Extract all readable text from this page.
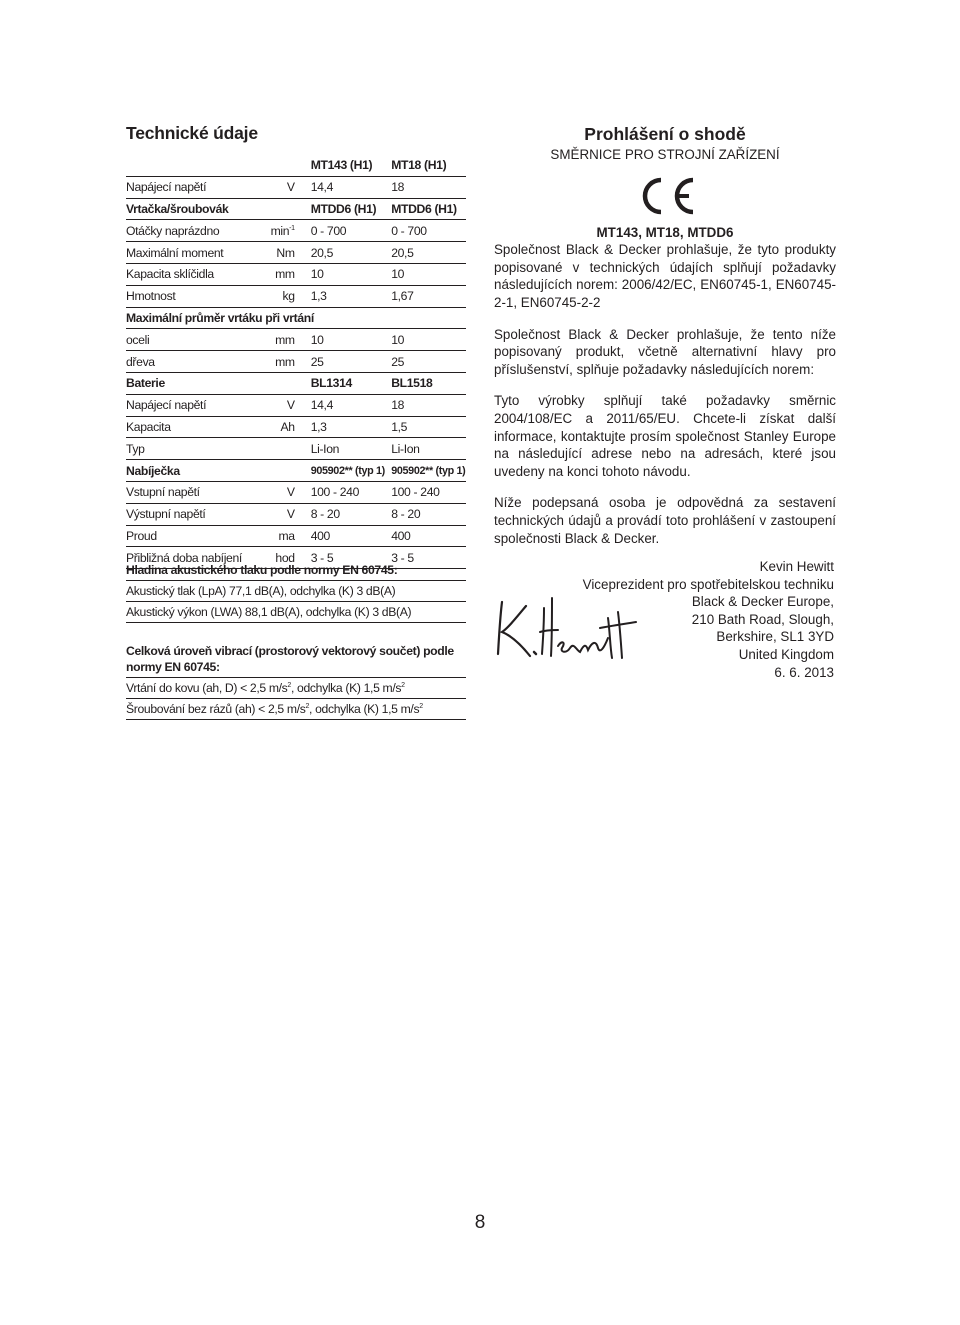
Technické údaje
		MT143 (H1)	MT18 (H1)
Napájecí napětí	V	14,4	18
Vrtačka/šroubovák		MTDD6 (H1)	MTDD6 (H1)
Otáčky naprázdno	$\min^{-1}$	0 - 700	0 - 700
Maximální moment	Nm	20,5	20,5
Kapacita sklíčidla	mm	10	10
Hmotnost	kg	1,3	1,67
Maximální průměr vrtáku při vrtání			
oceli	mm	10	10
dřeva	mm	25	25
Baterie		BL1314	BL1518
Napájecí napětí	V	14,4	18
Kapacita	Ah	1,3	1,5
Typ		Li-Ion	Li-Ion
Nabíječka		905902** (typ 1)	905902** (typ 1)
Vstupní napětí	V	100 - 240	100 - 240
Výstupní napětí	V	8 - 20	8 - 20
Proud	ma	400	400
Přibližná doba nabíjení	hod	3 - 5	3 - 5
Hladina akustického tlaku podle normy EN 60745:
Akustický tlak (LpA) 77,1 dB(A), odchylka (K) 3 dB(A)
Akustický výkon (LWA) 88,1 dB(A), odchylka (K) 3 dB(A)
Celková úroveň vibrací (prostorový vektorový součet) podle normy EN 60745:
Vrtání do kovu (ah, D) < 2,5 $m/s^2$, odchylka (K) 1,5 $m/s^2$
Šroubování bez rázů (ah) < 2,5 $m/s^2$, odchylka (K) 1,5 $m/s^2$
Prohlášení o shodě
SMĚRNICE PRO STROJNÍ ZAŘÍZENÍ
MT143, MT18, MTDD6

Společnost Black & Decker prohlašuje, že tyto produkty popisované v technických údajích splňují požadavky následujících norem: 2006/42/EC, EN60745-1, EN60745-2-1, EN60745-2-2

Společnost Black & Decker prohlašuje, že tento níže popisovaný produkt, včetně alternativní hlavy pro příslušenství, splňuje požadavky následujících norem:

Tyto výrobky splňují také požadavky směrnic 2004/108/EC a 2011/65/EU. Chcete-li získat další informace, kontaktujte prosím společnost Stanley Europe na následující adrese nebo na adresách, které jsou uvedeny na konci tohoto návodu.

Níže podepsaná osoba je odpovědná za sestavení technických údajů a provádí toto prohlášení v zastoupení společnosti Black & Decker.

Kevin Hewitt
Viceprezident pro spotřebitelskou techniku
Black & Decker Europe,
210 Bath Road, Slough,
Berkshire, SL1 3YD
United Kingdom
6. 6. 2013
8
